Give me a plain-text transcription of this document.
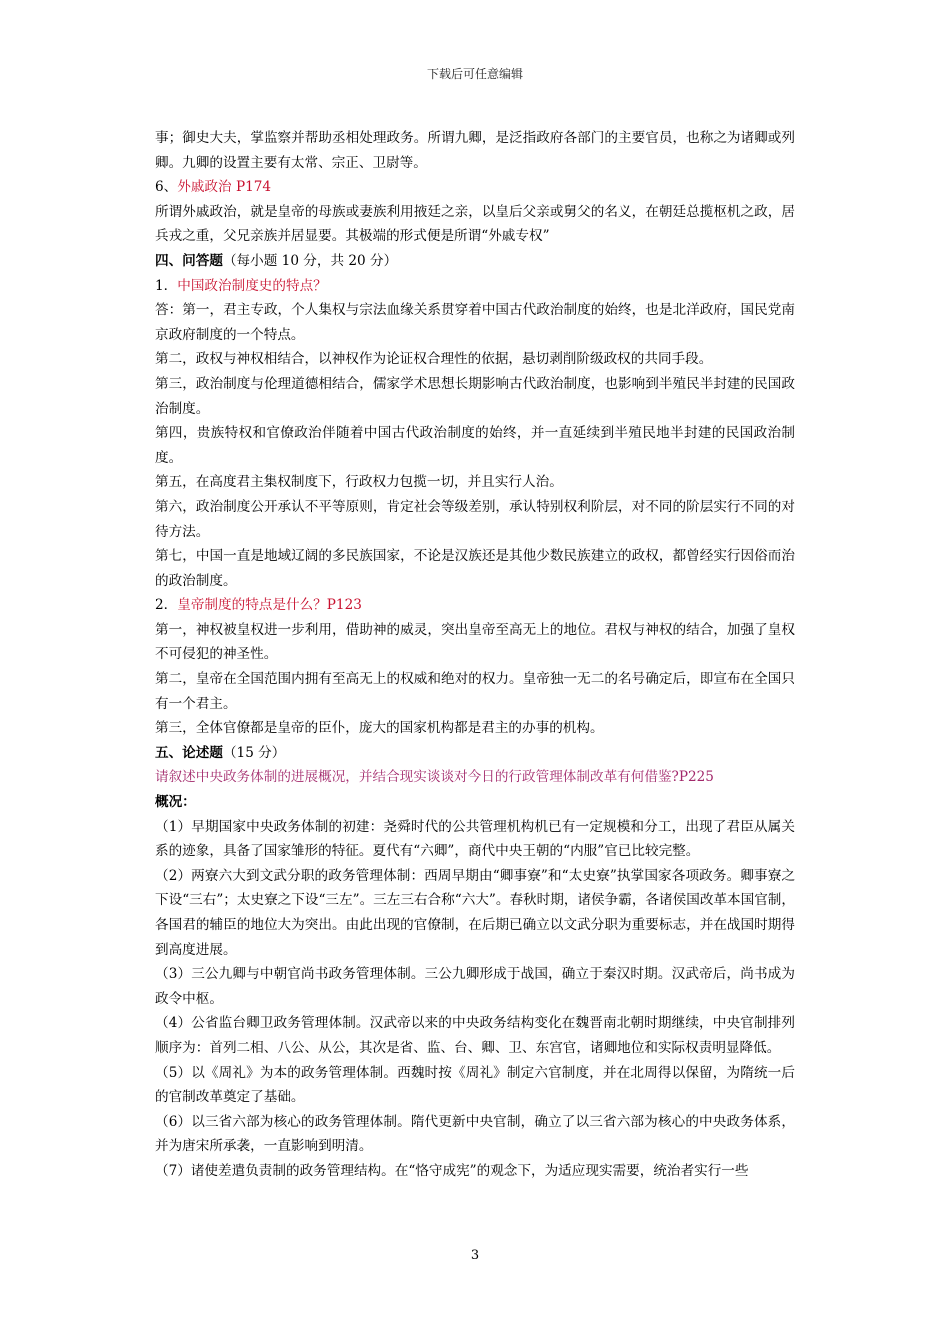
下载后可任意编辑

事；御史大夫，掌监察并帮助丞相处理政务。所谓九卿，是泛指政府各部门的主要官员，也称之为诸卿或列卿。九卿的设置主要有太常、宗正、卫尉等。

6、外戚政治 P174

所谓外戚政治，就是皇帝的母族或妻族利用掖廷之亲，以皇后父亲或舅父的名义，在朝廷总揽枢机之政，居兵戎之重，父兄亲族并居显要。其极端的形式便是所谓“外戚专权”

四、问答题（每小题 10 分，共 20 分）

1．中国政治制度史的特点？

答：第一，君主专政，个人集权与宗法血缘关系贯穿着中国古代政治制度的始终，也是北洋政府，国民党南京政府制度的一个特点。

第二，政权与神权相结合，以神权作为论证权合理性的依据，悬切剥削阶级政权的共同手段。

第三，政治制度与伦理道德相结合，儒家学术思想长期影响古代政治制度，也影响到半殖民半封建的民国政治制度。

第四，贵族特权和官僚政治伴随着中国古代政治制度的始终，并一直延续到半殖民地半封建的民国政治制度。

第五，在高度君主集权制度下，行政权力包揽一切，并且实行人治。

第六，政治制度公开承认不平等原则，肯定社会等级差别，承认特别权利阶层，对不同的阶层实行不同的对待方法。

第七，中国一直是地域辽阔的多民族国家，不论是汉族还是其他少数民族建立的政权，都曾经实行因俗而治的政治制度。

2．皇帝制度的特点是什么？P123

第一，神权被皇权进一步利用，借助神的威灵，突出皇帝至高无上的地位。君权与神权的结合，加强了皇权不可侵犯的神圣性。

第二，皇帝在全国范围内拥有至高无上的权威和绝对的权力。皇帝独一无二的名号确定后，即宣布在全国只有一个君主。

第三，全体官僚都是皇帝的臣仆，庞大的国家机构都是君主的办事的机构。

五、论述题（15 分）

请叙述中央政务体制的进展概况，并结合现实谈谈对今日的行政管理体制改革有何借鉴?P225

概况：

（1）早期国家中央政务体制的初建：尧舜时代的公共管理机构机已有一定规模和分工，出现了君臣从属关系的迹象，具备了国家雏形的特征。夏代有“六卿”，商代中央王朝的“内服”官已比较完整。

（2）两寮六大到文武分职的政务管理体制：西周早期由“卿事寮”和“太史寮”执掌国家各项政务。卿事寮之下设“三右”；太史寮之下设“三左”。三左三右合称“六大”。春秋时期，诸侯争霸，各诸侯国改革本国官制，各国君的辅臣的地位大为突出。由此出现的官僚制，在后期已确立以文武分职为重要标志，并在战国时期得到高度进展。

（3）三公九卿与中朝官尚书政务管理体制。三公九卿形成于战国，确立于秦汉时期。汉武帝后，尚书成为政令中枢。

（4）公省监台卿卫政务管理体制。汉武帝以来的中央政务结构变化在魏晋南北朝时期继续，中央官制排列顺序为：首列二相、八公、从公，其次是省、监、台、卿、卫、东宫官，诸卿地位和实际权责明显降低。

（5）以《周礼》为本的政务管理体制。西魏时按《周礼》制定六官制度，并在北周得以保留，为隋统一后的官制改革奠定了基础。

（6）以三省六部为核心的政务管理体制。隋代更新中央官制，确立了以三省六部为核心的中央政务体系，并为唐宋所承袭，一直影响到明清。

（7）诸使差遣负责制的政务管理结构。在“恪守成宪”的观念下，为适应现实需要，统治者实行一些

3
